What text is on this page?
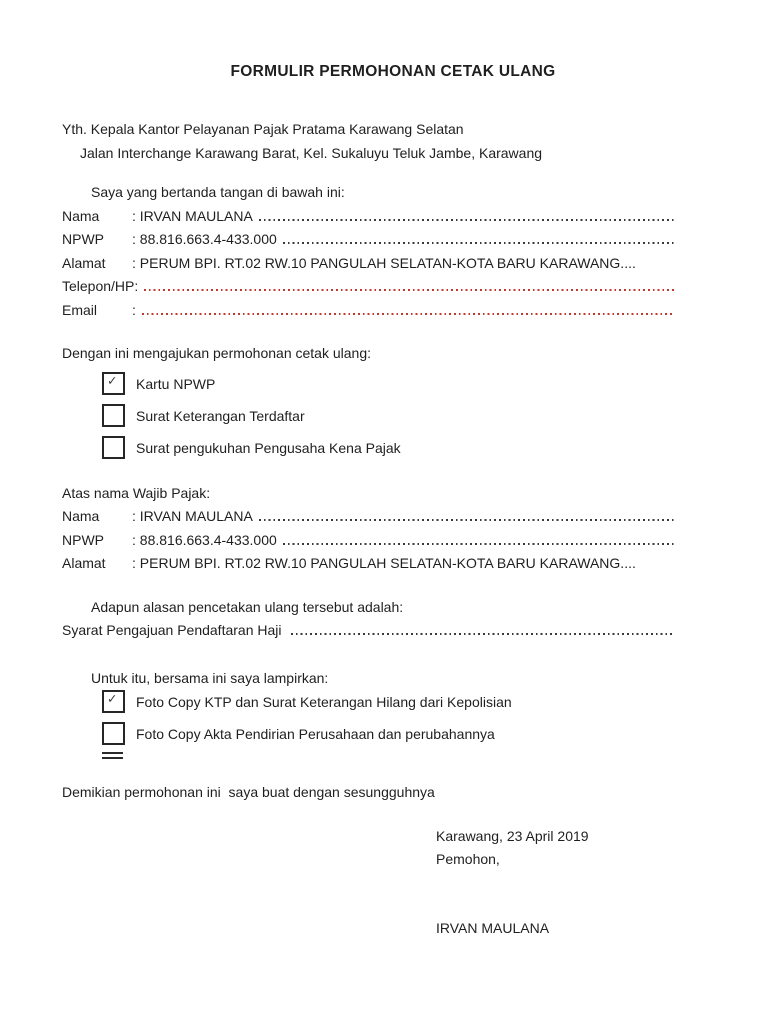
FORMULIR PERMOHONAN CETAK ULANG
Yth. Kepala Kantor Pelayanan Pajak Pratama Karawang Selatan
Jalan Interchange Karawang Barat, Kel. Sukaluyu Teluk Jambe, Karawang
Saya yang bertanda tangan di bawah ini:
Nama	: IRVAN MAULANA
NPWP	: 88.816.663.4-433.000
Alamat	: PERUM BPI. RT.02 RW.10 PANGULAH SELATAN-KOTA BARU KARAWANG....
Telepon/HP :
Email	:
Dengan ini mengajukan permohonan cetak ulang:
✓ Kartu NPWP
Surat Keterangan Terdaftar
Surat pengukuhan Pengusaha Kena Pajak
Atas nama Wajib Pajak:
Nama	: IRVAN MAULANA
NPWP	: 88.816.663.4-433.000
Alamat	: PERUM BPI. RT.02 RW.10 PANGULAH SELATAN-KOTA BARU KARAWANG....
Adapun alasan pencetakan ulang tersebut adalah:
Syarat Pengajuan Pendaftaran Haji
Untuk itu, bersama ini saya lampirkan:
✓ Foto Copy KTP dan Surat Keterangan Hilang dari Kepolisian
Foto Copy Akta Pendirian Perusahaan dan perubahannya
Demikian permohonan ini  saya buat dengan sesungguhnya
Karawang, 23 April 2019
Pemohon,
IRVAN MAULANA
